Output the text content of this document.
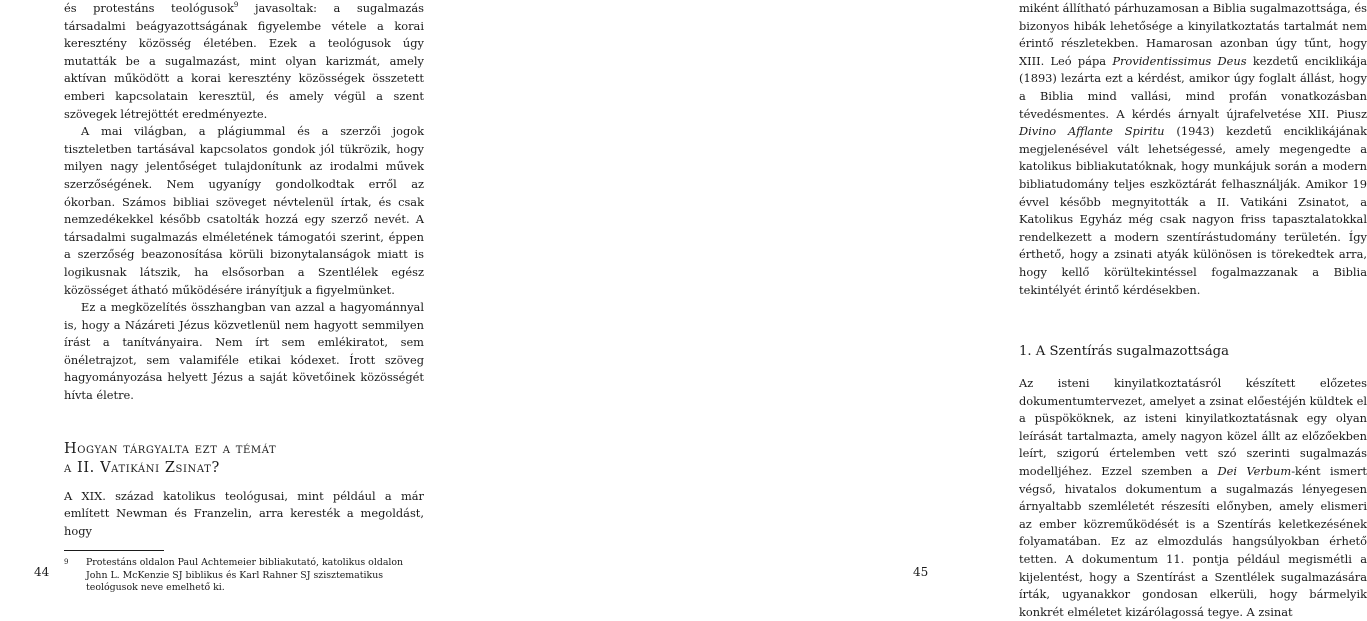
és protestáns teológusok$^9$ javasoltak: a sugalmazás társadalmi beágyazottságának figyelembe vétele a korai keresztény közösség életében. Ezek a teológusok úgy mutatták be a sugalmazást, mint olyan karizmát, amely aktívan működött a korai keresztény közösségek összetett emberi kapcsolatain keresztül, és amely végül a szent szövegek létrejöttét eredményezte.

A mai világban, a plágiummal és a szerzői jogok tiszteletben tartásával kapcsolatos gondok jól tükrözik, hogy milyen nagy jelentőséget tulajdonítunk az irodalmi művek szerzőségének. Nem ugyanígy gondolkodtak erről az ókorban. Számos bibliai szöveget névtelenül írtak, és csak nemzedékekkel később csatolták hozzá egy szerző nevét. A társadalmi sugalmazás elméletének támogatói szerint, éppen a szerzőség beazonosítása körüli bizonytalanságok miatt is logikusnak látszik, ha elsősorban a Szentlélek egész közösséget átható működésére irányítjuk a figyelmünket.

Ez a megközelítés összhangban van azzal a hagyománnyal is, hogy a Názáreti Jézus közvetlenül nem hagyott semmilyen írást a tanítványaira. Nem írt sem emlékiratot, sem önéletrajzot, sem valamiféle etikai kódexet. Írott szöveg hagyományozása helyett Jézus a saját követőinek közösségét hívta életre.

Hogyan tárgyalta ezt a témát
a II. Vatikáni Zsinat?

A XIX. század katolikus teológusai, mint például a már említett Newman és Franzelin, arra keresték a megoldást, hogy

9	Protestáns oldalon Paul Achtemeier bibliakutató, katolikus oldalon John L. McKenzie SJ biblikus és Karl Rahner SJ szisztematikus teológusok neve emelhető ki.
44

miként állítható párhuzamosan a Biblia sugalmazottsága, és bizonyos hibák lehetősége a kinyilatkoztatás tartalmát nem érintő részletekben. Hamarosan azonban úgy tűnt, hogy XIII. Leó pápa Providentissimus Deus kezdetű enciklikája (1893) lezárta ezt a kérdést, amikor úgy foglalt állást, hogy a Biblia mind vallási, mind profán vonatkozásban tévedésmentes. A kérdés árnyalt újrafelvetése XII. Piusz Divino Afflante Spiritu (1943) kezdetű enciklikájának megjelenésével vált lehetségessé, amely megengedte a katolikus bibliakutatóknak, hogy munkájuk során a modern bibliatudomány teljes eszköztárát felhasználják. Amikor 19 évvel később megnyitották a II. Vatikáni Zsinatot, a Katolikus Egyház még csak nagyon friss tapasztalatokkal rendelkezett a modern szentírástudomány területén. Így érthető, hogy a zsinati atyák különösen is törekedtek arra, hogy kellő körültekintéssel fogalmazzanak a Biblia tekintélyét érintő kérdésekben.

1. A Szentírás sugalmazottsága

Az isteni kinyilatkoztatásról készített előzetes dokumentumtervezet, amelyet a zsinat előestéjén küldtek el a püspököknek, az isteni kinyilatkoztatásnak egy olyan leírását tartalmazta, amely nagyon közel állt az előzőekben leírt, szigorú értelemben vett szó szerinti sugalmazás modelljéhez. Ezzel szemben a Dei Verbum-ként ismert végső, hivatalos dokumentum a sugalmazás lényegesen árnyaltabb szemléletét részesíti előnyben, amely elismeri az ember közreműködését is a Szentírás keletkezésének folyamatában. Ez az elmozdulás hangsúlyokban érhető tetten. A dokumentum 11. pontja például megismétli a kijelentést, hogy a Szentírást a Szentlélek sugalmazására írták, ugyanakkor gondosan elkerüli, hogy bármelyik konkrét elméletet kizárólagossá tegye. A zsinat

45
